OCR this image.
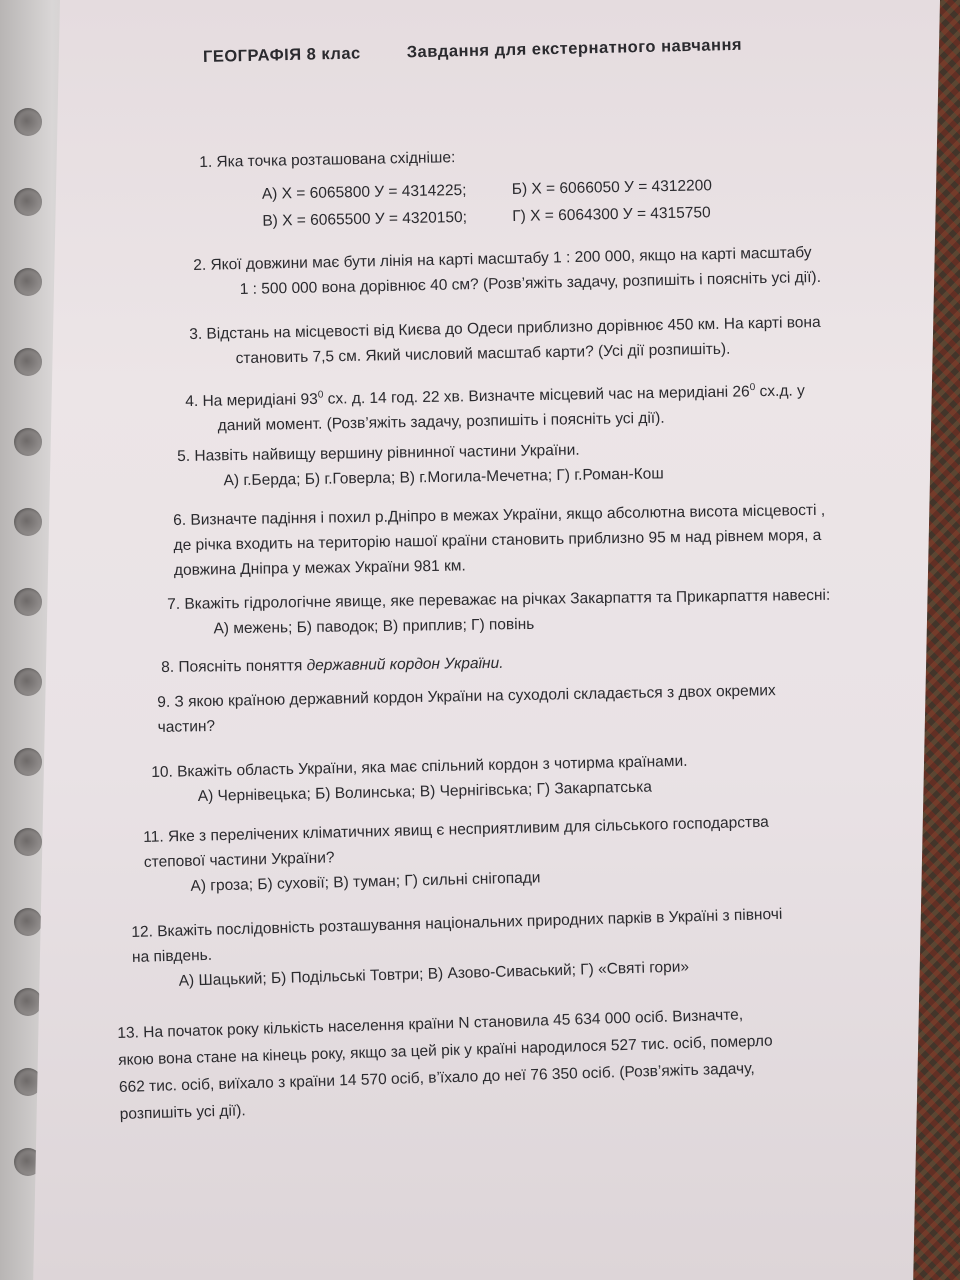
ГЕОГРАФІЯ 8 клас	Завдання для екстернатного навчання
1. Яка точка розташована східніше:
А) Х = 6065800 У = 4314225;	Б) Х = 6066050 У = 4312200
В) Х = 6065500 У = 4320150;	Г) Х = 6064300 У = 4315750
2. Якої довжини має бути лінія на карті масштабу 1 : 200 000, якщо на карті масштабу
1 : 500 000 вона дорівнює 40 см? (Розв’яжіть задачу, розпишіть і поясніть усі дії).
3. Відстань на місцевості від Києва до Одеси приблизно дорівнює 450 км. На карті вона
становить 7,5 см. Який числовий масштаб карти? (Усі дії розпишіть).
4. На меридіані $93^0$ сх. д. 14 год. 22 хв. Визначте місцевий час на меридіані $26^0$ сх.д. у
даний момент. (Розв’яжіть задачу, розпишіть і поясніть усі дії).
5. Назвіть найвищу вершину рівнинної частини України.
А) г.Берда; Б) г.Говерла; В) г.Могила-Мечетна; Г) г.Роман-Кош
6. Визначте падіння і похил р.Дніпро в межах України, якщо абсолютна висота місцевості ,
де річка входить на територію нашої країни становить приблизно 95 м над рівнем моря, а
довжина Дніпра у межах України 981 км.
7. Вкажіть гідрологічне явище, яке переважає на річках Закарпаття та Прикарпаття навесні:
А) межень; Б) паводок; В) приплив; Г) повінь
8. Поясніть поняття державний кордон України.
9. З якою країною державний кордон України на суходолі складається з двох окремих
частин?
10. Вкажіть область України, яка має спільний кордон з чотирма країнами.
А) Чернівецька; Б) Волинська; В) Чернігівська; Г) Закарпатська
11. Яке з перелічених кліматичних явищ є несприятливим для сільського господарства
степової частини України?
А) гроза; Б) суховії; В) туман; Г) сильні снігопади
12. Вкажіть послідовність розташування національних природних парків в Україні з півночі
на південь.
А) Шацький; Б) Подільські Товтри; В) Азово-Сиваський; Г) «Святі гори»
13. На початок року кількість населення країни N становила 45 634 000 осіб. Визначте,
якою вона стане на кінець року, якщо за цей рік у країні народилося 527 тис. осіб, померло
662 тис. осіб, виїхало з країни 14 570 осіб, в’їхало до неї 76 350 осіб. (Розв’яжіть задачу,
розпишіть усі дії).
